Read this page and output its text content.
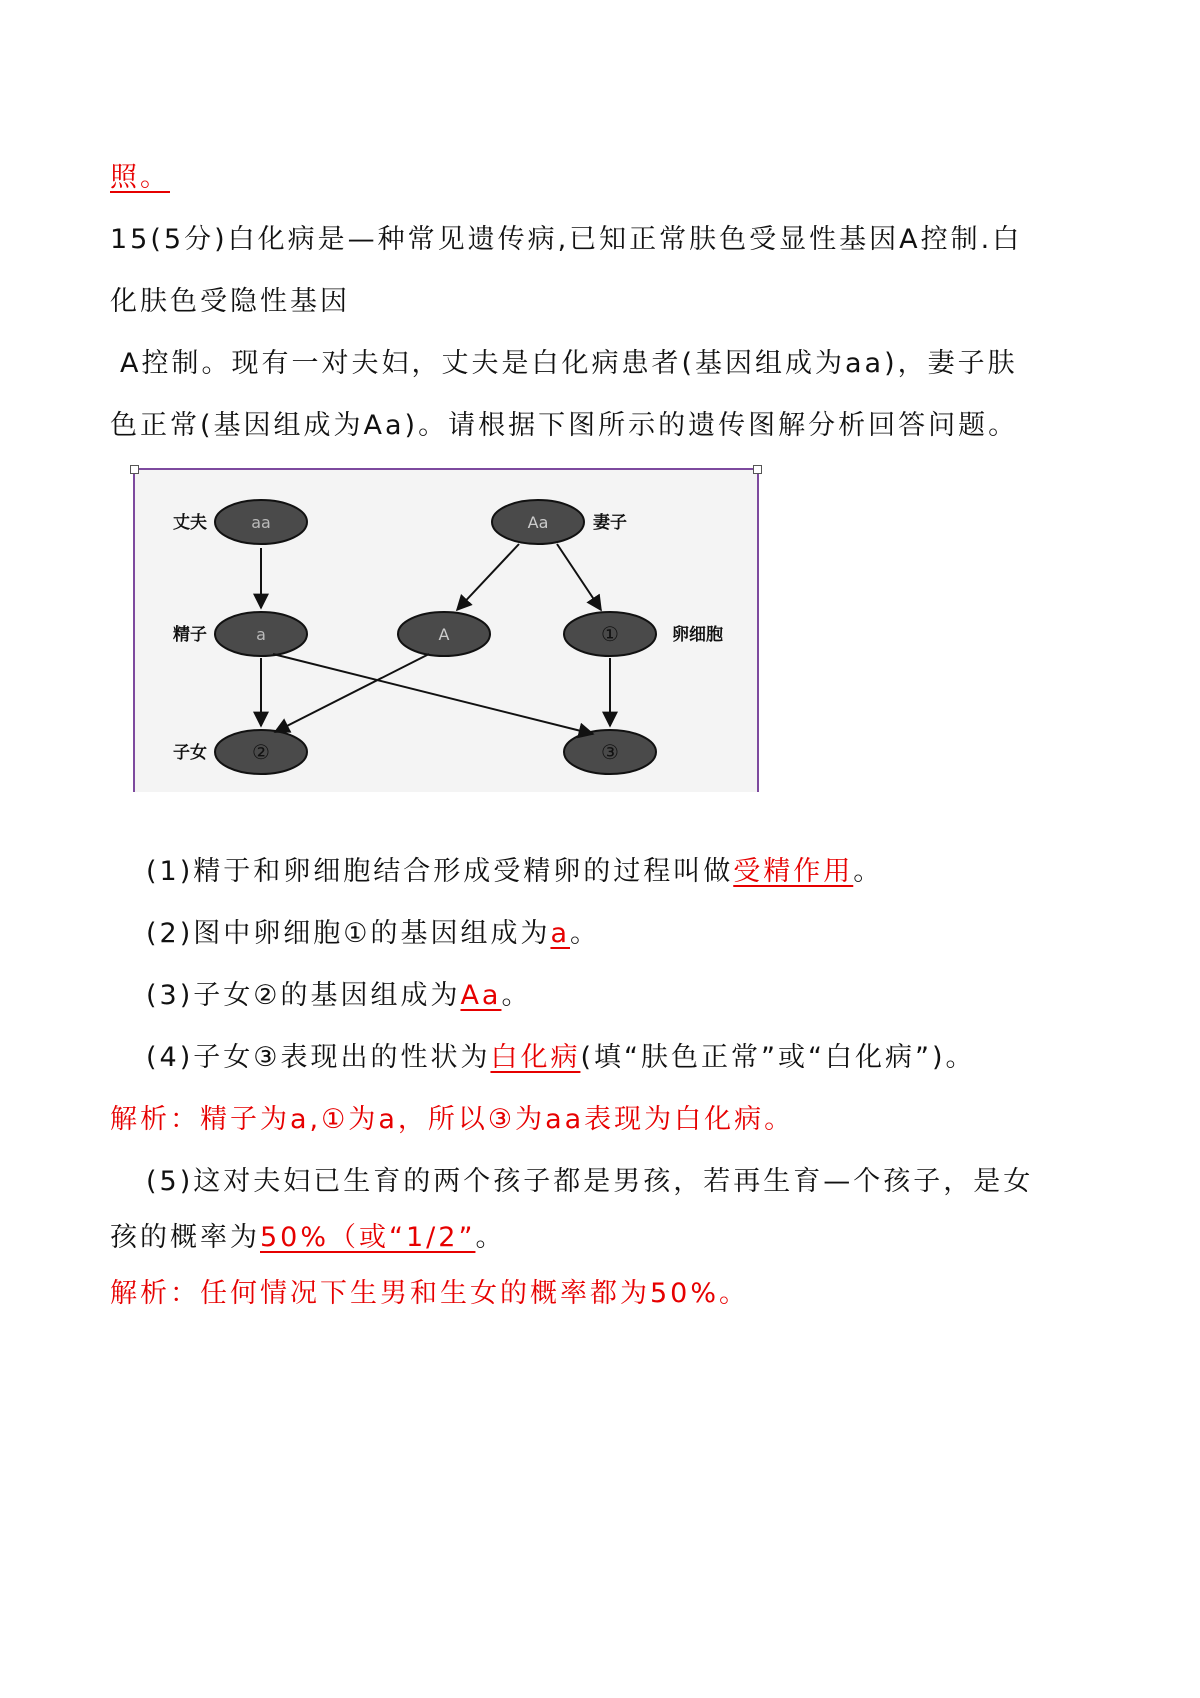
照。
15(5分)白化病是—种常见遗传病,已知正常肤色受显性基因A控制.白
化肤色受隐性基因
A控制。现有一对夫妇，丈夫是白化病患者(基因组成为aa)，妻子肤
色正常(基因组成为Aa)。请根据下图所示的遗传图解分析回答问题。
丈夫	妻子
精子	卵细胞
子女
aa	Aa
a	A	①
②	③
(1)精于和卵细胞结合形成受精卵的过程叫做受精作用。
(2)图中卵细胞①的基因组成为a。
(3)子女②的基因组成为Aa。
(4)子女③表现出的性状为白化病(填“肤色正常”或“白化病”)。
解析：精子为a,①为a，所以③为aa表现为白化病。
(5)这对夫妇已生育的两个孩子都是男孩，若再生育—个孩子，是女
孩的概率为50%（或“1/2”。
解析：任何情况下生男和生女的概率都为50%。
